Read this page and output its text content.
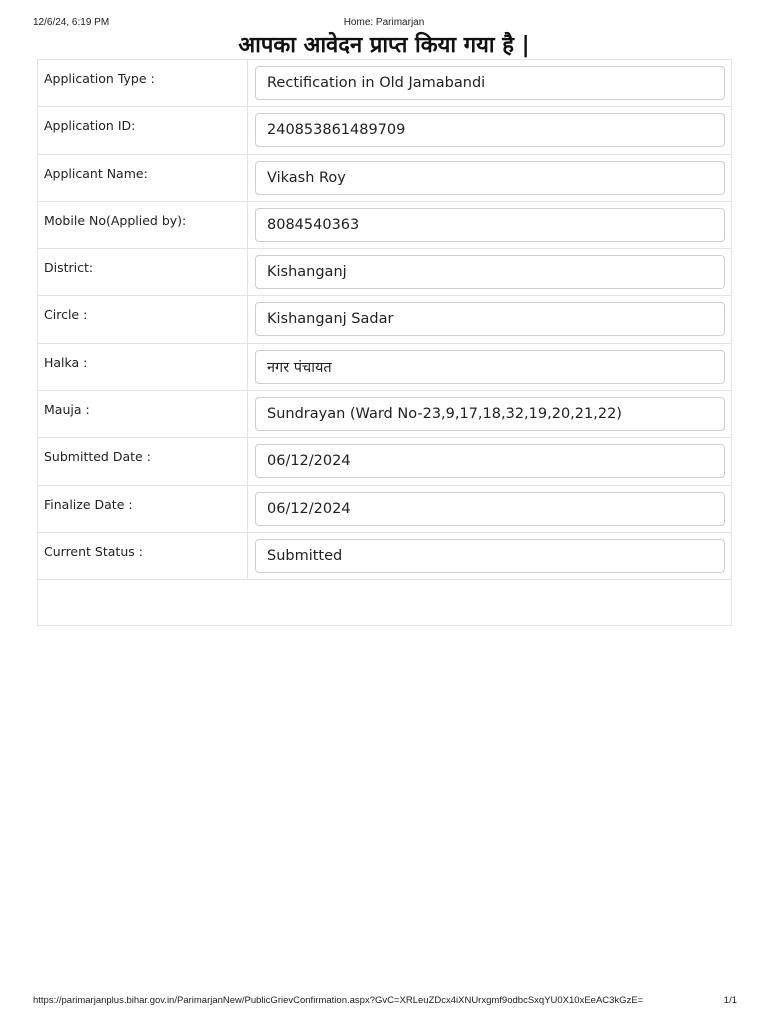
12/6/24, 6:19 PM	Home: Parimarjan
आपका आवेदन प्राप्त किया गया है |
Application Type :	Rectification in Old Jamabandi

Application ID:	240853861489709

Applicant Name:	Vikash Roy

Mobile No(Applied by):	8084540363

District:	Kishanganj

Circle :	Kishanganj Sadar

Halka :	नगर पंचायत

Mauja :	Sundrayan (Ward No-23,9,17,18,32,19,20,21,22)

Submitted Date :	06/12/2024

Finalize Date :	06/12/2024

Current Status :	Submitted

https://parimarjanplus.bihar.gov.in/ParimarjanNew/PublicGrievConfirmation.aspx?GvC=XRLeuZDcx4iXNUrxgmf9odbcSxqYU0X10xEeAC3kGzE=	1/1
